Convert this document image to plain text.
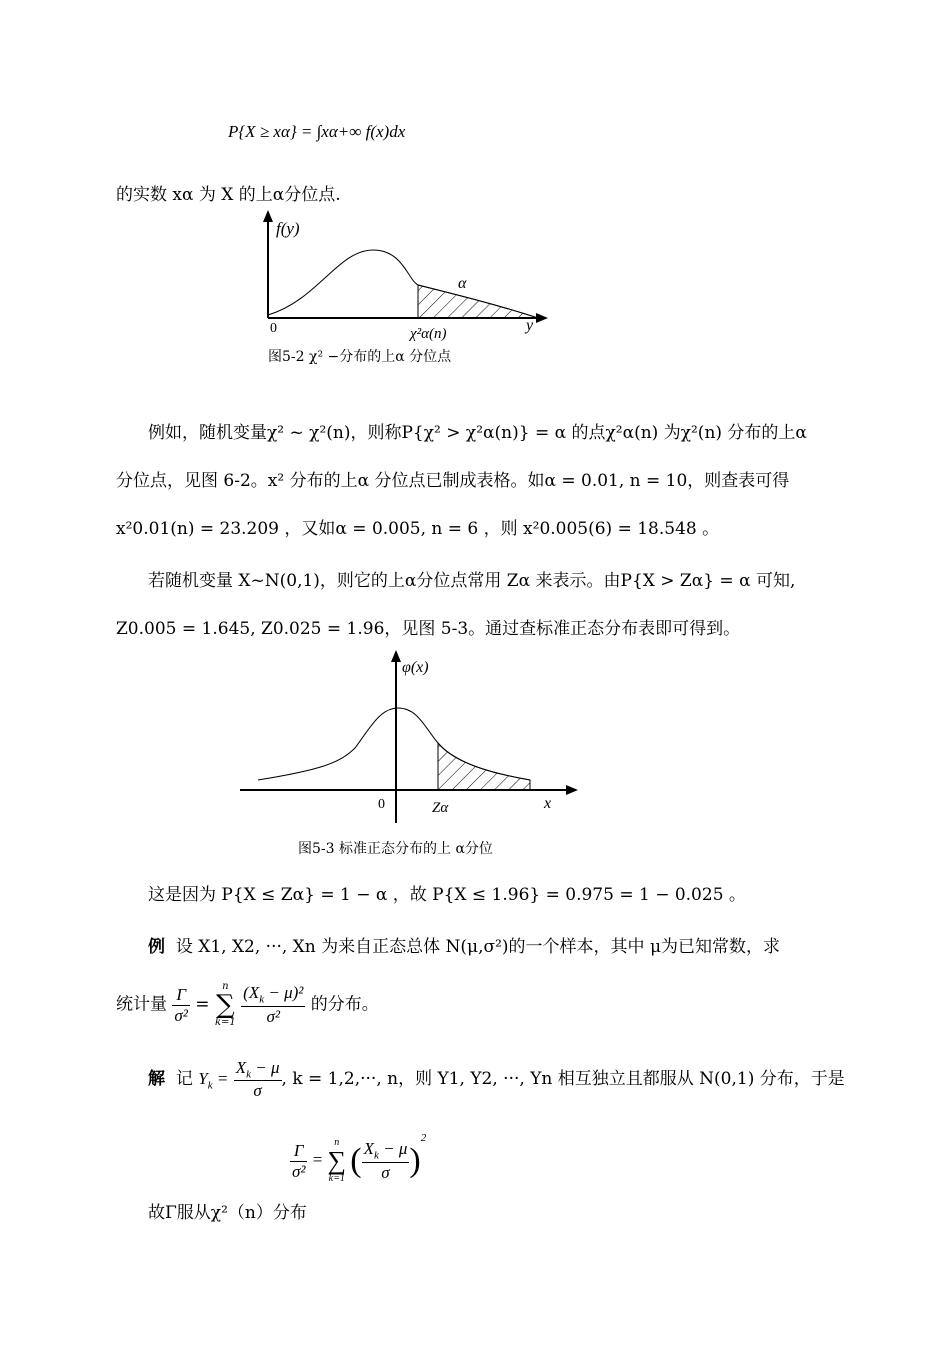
P{X ≥ xα} = ∫xα+∞ f(x)dx
的实数 xα 为 X 的上α分位点.
f(y)
α
0	χ²α(n)	y
图5-2 χ² −分布的上α 分位点
例如，随机变量χ² ~ χ²(n)，则称P{χ² > χ²α(n)} = α 的点χ²α(n) 为χ²(n) 分布的上α
分位点，见图 6-2。x² 分布的上α 分位点已制成表格。如α = 0.01, n = 10，则查表可得
x²0.01(n) = 23.209 ，又如α = 0.005, n = 6 ，则 x²0.005(6) = 18.548 。
若随机变量 X~N(0,1)，则它的上α分位点常用 Zα 来表示。由P{X > Zα} = α 可知,
Z0.005 = 1.645, Z0.025 = 1.96，见图 5-3。通过查标准正态分布表即可得到。
φ(x)
0	Zα	x
图5-3 标准正态分布的上 α分位
这是因为 P{X ≤ Zα} = 1 − α ，故 P{X ≤ 1.96} = 0.975 = 1 − 0.025 。
例 设 X1, X2, ···, Xn 为来自正态总体 N(μ,σ²)的一个样本，其中 μ为已知常数，求
统计量 $\frac{\Gamma}{\text{σ²}}$ =
n
∑
k=1
$\frac{(X_k - \mu)^2}{\text{σ²}}$ 的分布。
解 记 $Y_k = \frac{X_k - \mu}{\sigma}$ , k = 1,2,···, n，则 Y1, Y2, ···, Yn 相互独立且都服从 N(0,1) 分布，于是
$\frac{\Gamma}{\text{σ²}}$ =
n
∑
k=1 ( $\frac{X_k - \mu}{\sigma} )^2$
故Γ服从χ²（n）分布
